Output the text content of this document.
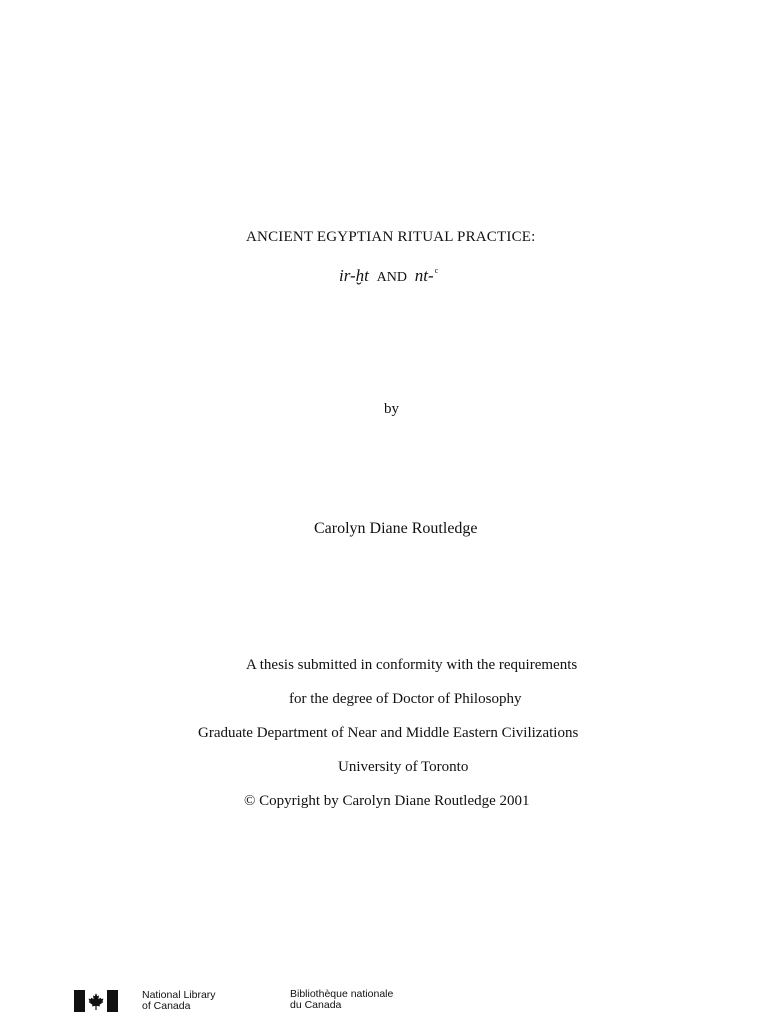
ANCIENT EGYPTIAN RITUAL PRACTICE:
ir-ḫt AND nt-$^c$
by
Carolyn Diane Routledge
A thesis submitted in conformity with the requirements
for the degree of Doctor of Philosophy
Graduate Department of Near and Middle Eastern Civilizations
University of Toronto
© Copyright by Carolyn Diane Routledge 2001
National Library
of Canada
Bibliothèque nationale
du Canada
